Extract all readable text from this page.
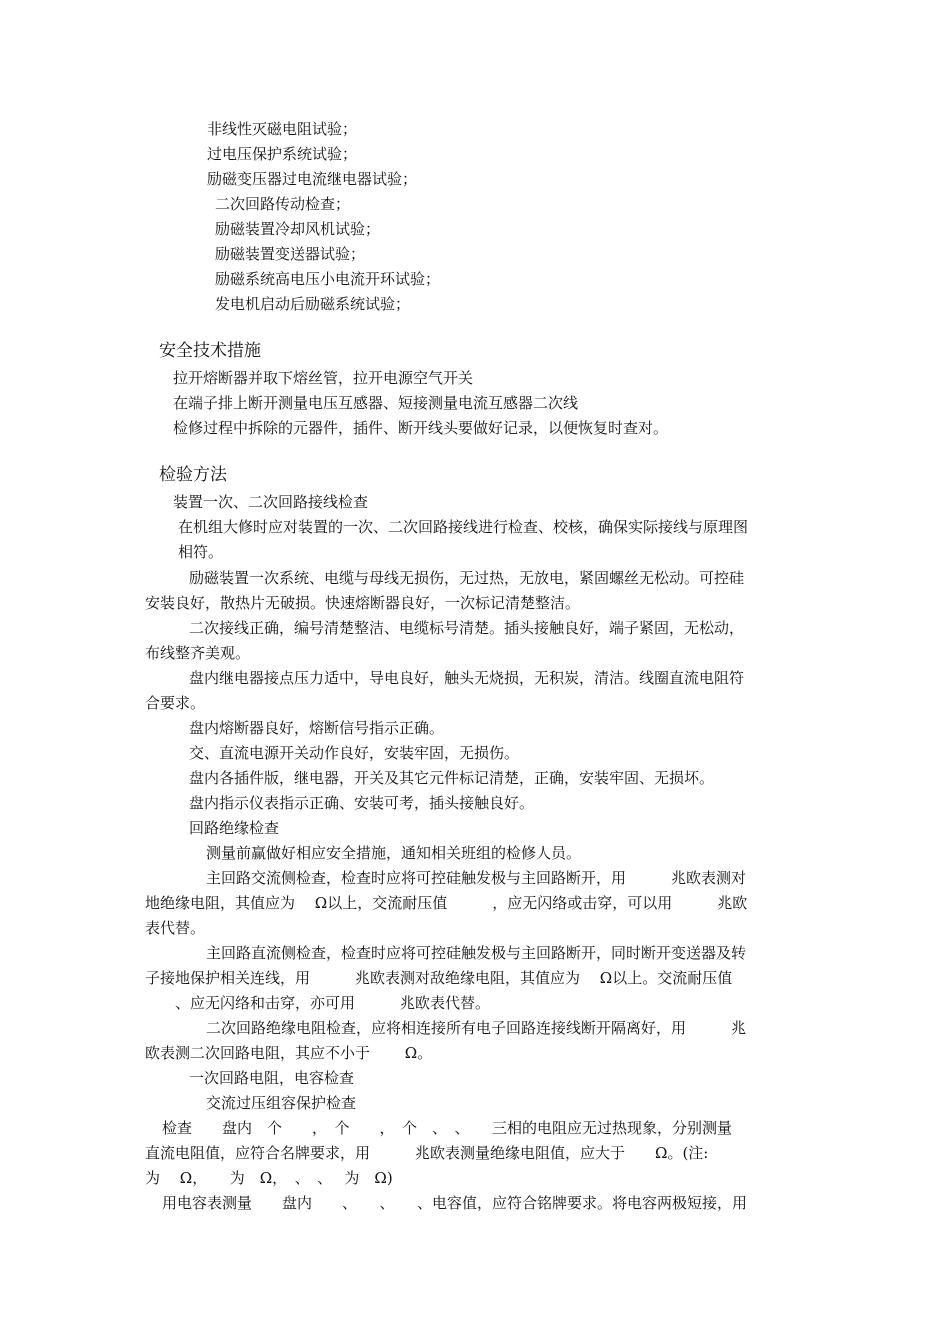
非线性灭磁电阻试验；
过电压保护系统试验；
励磁变压器过电流继电器试验；
二次回路传动检查；
励磁装置冷却风机试验；
励磁装置变送器试验；
励磁系统高电压小电流开环试验；
发电机启动后励磁系统试验；
安全技术措施
拉开熔断器并取下熔丝管，拉开电源空气开关
在端子排上断开测量电压互感器、短接测量电流互感器二次线
检修过程中拆除的元器件，插件、断开线头要做好记录，以便恢复时查对。
检验方法
装置一次、二次回路接线检查
在机组大修时应对装置的一次、二次回路接线进行检查、校核，确保实际接线与原理图
相符。
励磁装置一次系统、电缆与母线无损伤，无过热，无放电，紧固螺丝无松动。可控硅
安装良好，散热片无破损。快速熔断器良好，一次标记清楚整洁。
二次接线正确，编号清楚整洁、电缆标号清楚。插头接触良好，端子紧固，无松动，
布线整齐美观。
盘内继电器接点压力适中，导电良好，触头无烧损，无积炭，清洁。线圈直流电阻符
合要求。
盘内熔断器良好，熔断信号指示正确。
交、直流电源开关动作良好，安装牢固，无损伤。
盘内各插件版，继电器，开关及其它元件标记清楚，正确，安装牢固、无损坏。
盘内指示仪表指示正确、安装可考，插头接触良好。
回路绝缘检查
测量前赢做好相应安全措施，通知相关班组的检修人员。
主回路交流侧检查，检查时应将可控硅触发极与主回路断开，用　　　兆欧表测对
地绝缘电阻，其值应为　 Ω以上，交流耐压值　　　，应无闪络或击穿，可以用　　　兆欧
表代替。
主回路直流侧检查，检查时应将可控硅触发极与主回路断开，同时断开变送器及转
子接地保护相关连线，用　　　兆欧表测对敌绝缘电阻，其值应为　 Ω以上。交流耐压值
、应无闪络和击穿，亦可用　　　兆欧表代替。
二次回路绝缘电阻检查，应将相连接所有电子回路连接线断开隔离好，用　　　兆
欧表测二次回路电阻，其应不小于　　 Ω。
一次回路电阻，电容检查
交流过压组容保护检查
检查　　盘内　个　　，　个　　，　个　、　、　　三相的电阻应无过热现象，分别测量
直流电阻值，应符合名牌要求，用　　　兆欧表测量绝缘电阻值，应大于　　Ω。(注:
为　 Ω，　　为　Ω，　、　、　 为　Ω)
用电容表测量　　盘内　　、　　、　　、电容值，应符合铭牌要求。将电容两极短接，用
